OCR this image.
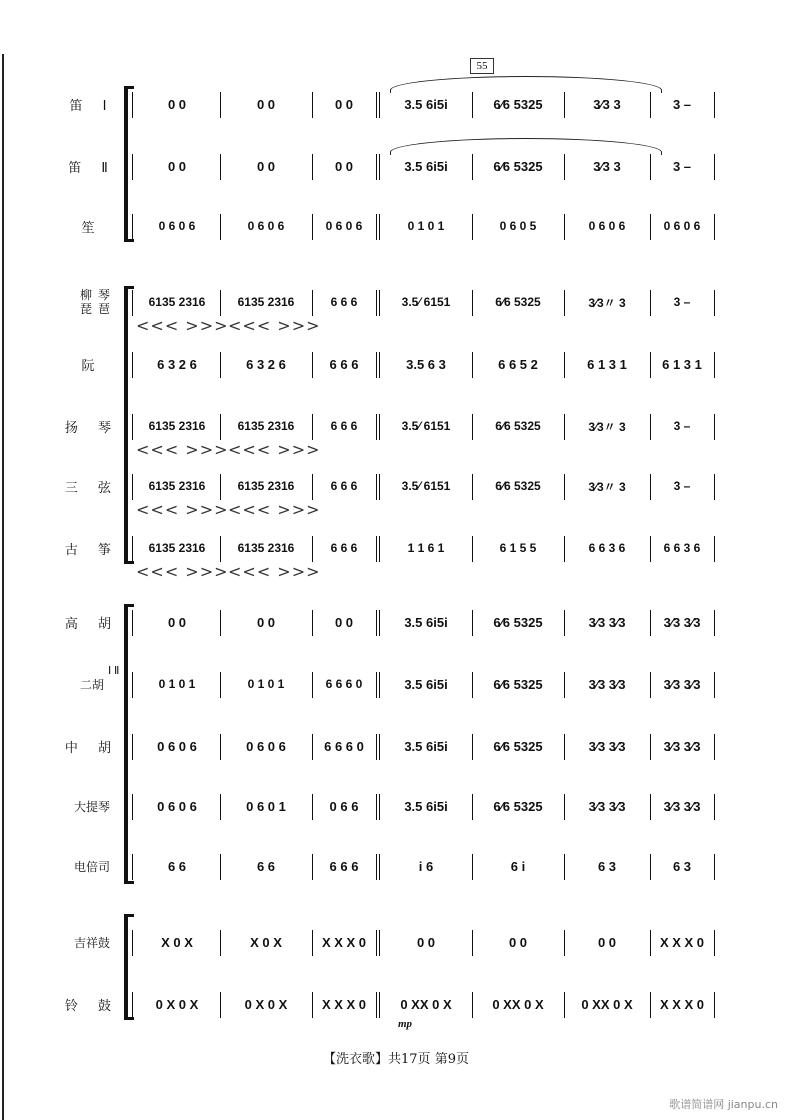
55
笛 Ⅰ	0 0	0 0	0 0	3.5 6i5i	6⁄6 5325	3⁄3 3	3 –
笛 Ⅱ	0 0	0 0	0 0	3.5 6i5i	6⁄6 5325	3⁄3 3	3 –
笙	0 6 0 6	0 6 0 6	0 6 0 6	0 1 0 1	0 6 0 5	0 6 0 6	0 6 0 6
柳琴
琵琶	6135 2316	6135 2316	6 6 6	3.5⁄ 6151	6⁄6 5325	3⁄3〃 3	3 –
<<< >>> <<< >>>
阮	6 3 2 6	6 3 2 6	6 6 6	3.5 6 3	6 6 5 2	6 1 3 1	6 1 3 1
扬 琴	6135 2316	6135 2316	6 6 6	3.5⁄ 6151	6⁄6 5325	3⁄3〃 3	3 –
<<< >>> <<< >>>
三 弦	6135 2316	6135 2316	6 6 6	3.5⁄ 6151	6⁄6 5325	3⁄3〃 3	3 –
<<< >>> <<< >>>
古 筝	6135 2316	6135 2316	6 6 6	1 1 6 1	6 1 5 5	6 6 3 6	6 6 3 6
<<< >>> <<< >>>
高 胡	0 0	0 0	0 0	3.5 6i5i	6⁄6 5325	3⁄3 3⁄3	3⁄3 3⁄3
二胡
Ⅰ Ⅱ
0 1 0 1	0 1 0 1	6 6 6 0	3.5 6i5i	6⁄6 5325	3⁄3 3⁄3	3⁄3 3⁄3
中 胡	0 6 0 6	0 6 0 6	6 6 6 0	3.5 6i5i	6⁄6 5325	3⁄3 3⁄3	3⁄3 3⁄3
大提琴	0 6 0 6	0 6 0 1	0 6 6	3.5 6i5i	6⁄6 5325	3⁄3 3⁄3	3⁄3 3⁄3
电倍司	6 6	6 6	6 6 6	i 6	6 i	6 3	6 3
吉祥鼓	X 0 X	X 0 X	X X X 0	0 0	0 0	0 0	X X X 0
铃 鼓	0 X 0 X	0 X 0 X	X X X 0	0 XX 0 X	0 XX 0 X	0 XX 0 X	X X X 0
mp
【洗衣歌】共17页 第9页
歌谱简谱网 jianpu.cn
